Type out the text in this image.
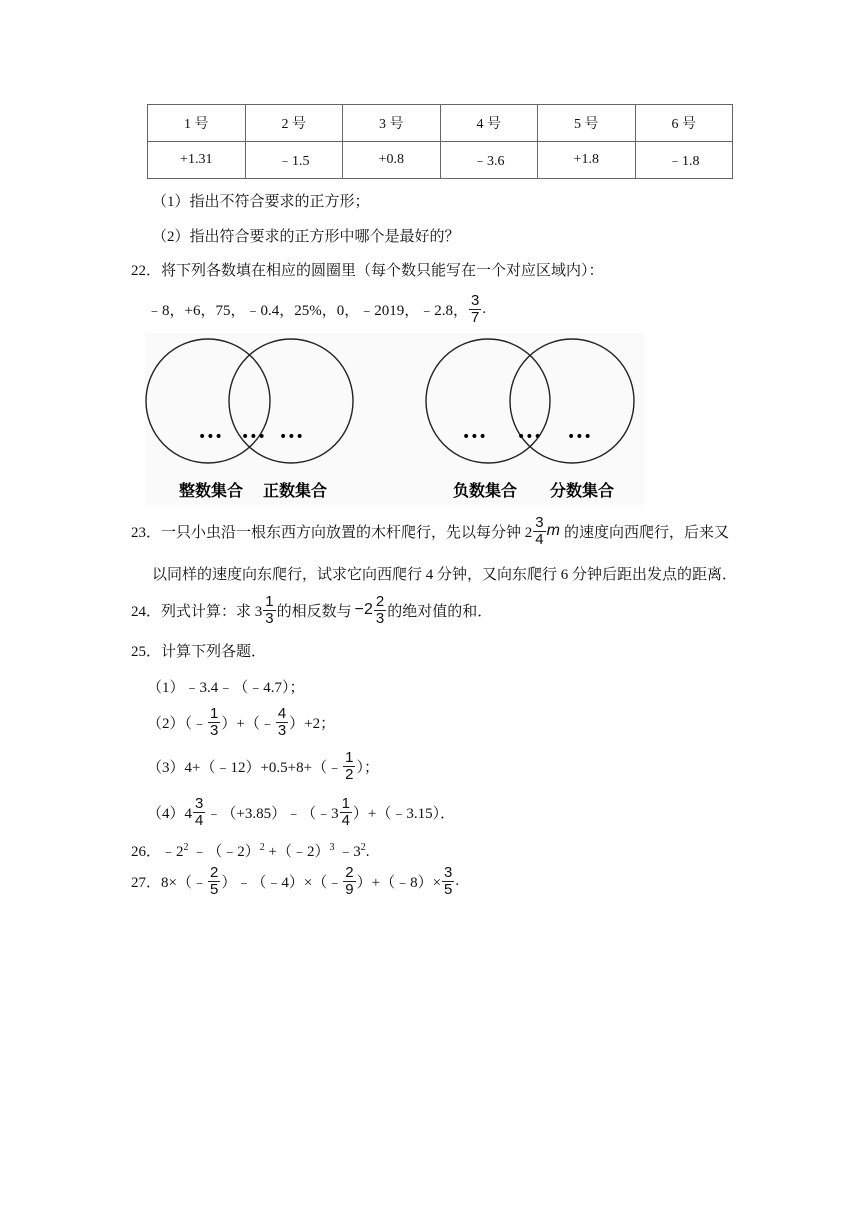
1 号	2 号	3 号	4 号	5 号	6 号
+1.31	﹣1.5	+0.8	﹣3.6	+1.8	﹣1.8
（1）指出不符合要求的正方形；
（2）指出符合要求的正方形中哪个是最好的？
22．将下列各数填在相应的圆圈里（每个数只能写在一个对应区域内）：
﹣8，+6，75，﹣0.4，25%，0，﹣2019，﹣2.8， $\frac{3}{7}$ .
••• ••• •••	••• ••• •••
整数集合 正数集合	负数集合 分数集合
23．一只小虫沿一根东西方向放置的木杆爬行，先以每分钟 $2 \frac{3}{4}$ m 的速度向西爬行，后来又
以同样的速度向东爬行，试求它向西爬行 4 分钟，又向东爬行 6 分钟后距出发点的距离．
24．列式计算：求 $3 \frac{1}{3}$ 的相反数与 $-2 \frac{2}{3}$ 的绝对值的和．
25．计算下列各题．
（1）﹣3.4﹣（﹣4.7）；
（2）（﹣ $\frac{1}{3}$ ）+（﹣ $\frac{4}{3} )+2$；
（3）4+（﹣12）+0.5+8+（﹣ $\frac{1}{2}$ ）；
$(4)4 \frac{3}{4}$ ﹣（+3.85）﹣（﹣3 $\frac{1}{4}$ ）+（﹣3.15）．
26．$﹣2^2$ ﹣（﹣2）$^2$ +（﹣2）$^3$ $﹣3^2$.
27．8×（﹣ $\frac{2}{5}$ ）﹣（﹣4）×（﹣ $\frac{2}{9}$ ）+（﹣8）× $\frac{3}{5}$ .
